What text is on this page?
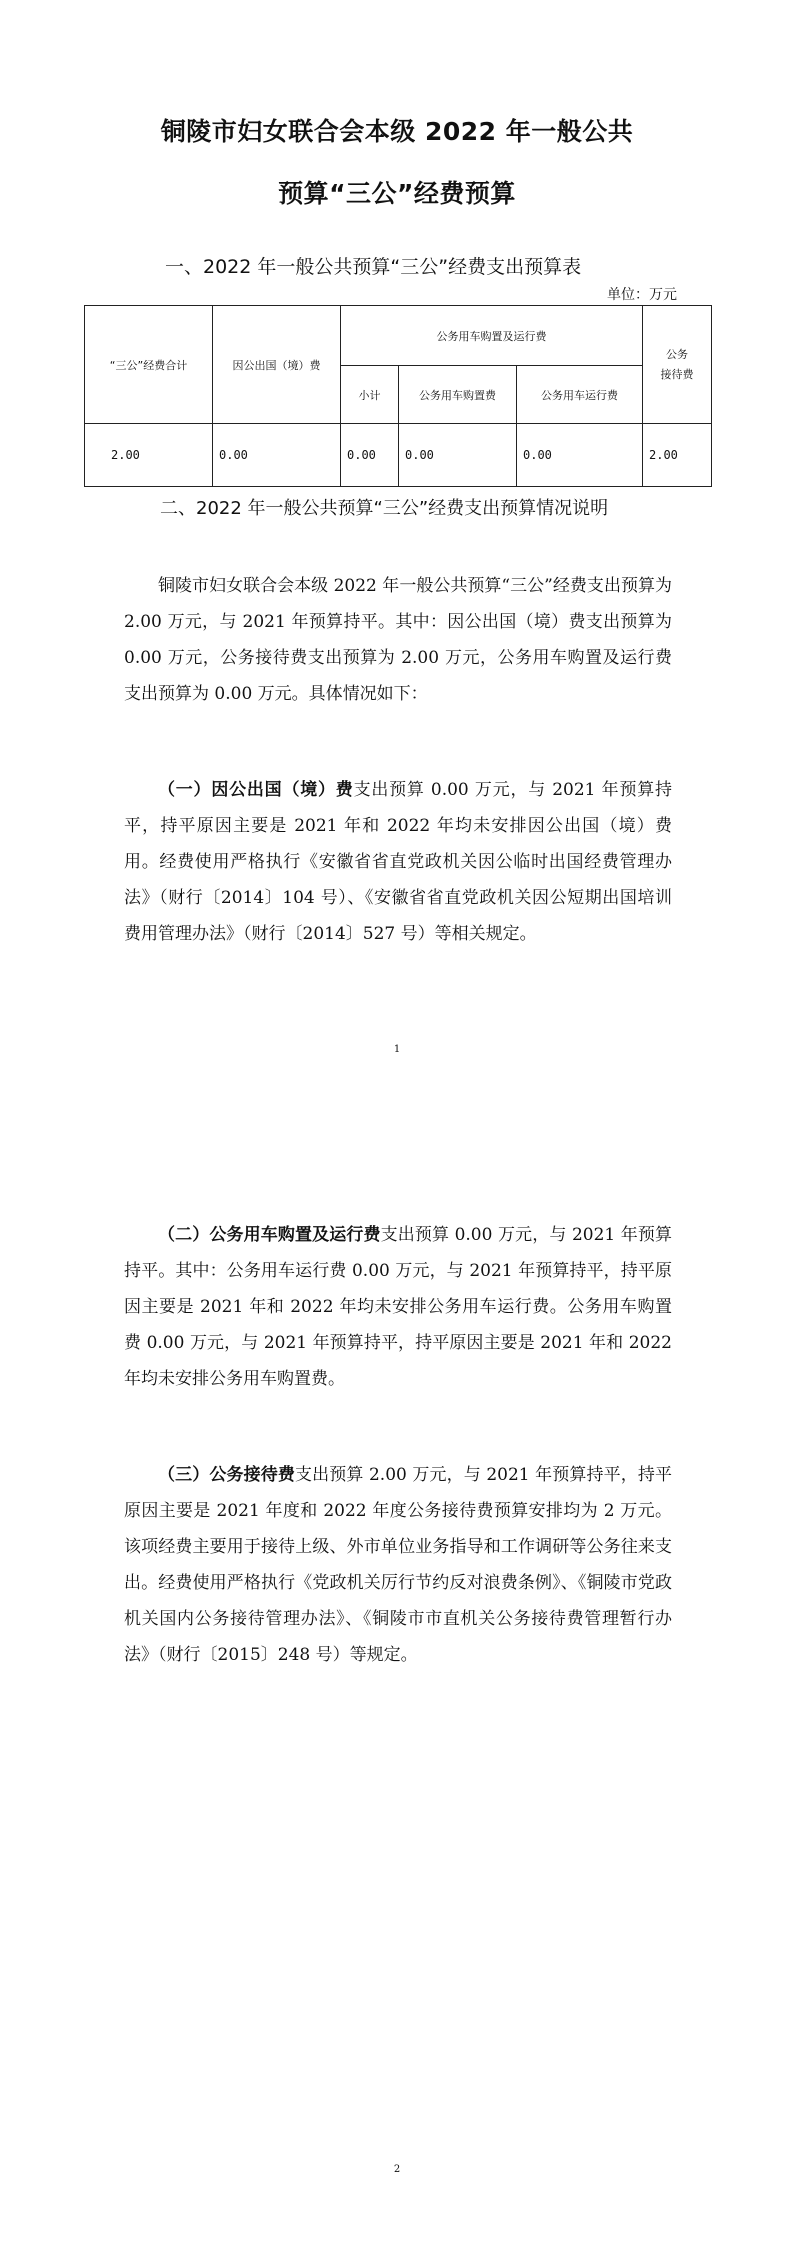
铜陵市妇女联合会本级 2022 年一般公共
预算“三公”经费预算
一、2022 年一般公共预算“三公”经费支出预算表
单位：万元
“三公”经费合计	因公出国（境）费	公务用车购置及运行费			公务
接待费
		小计	公务用车购置费	公务用车运行费	
2.00	0.00	0.00	0.00	0.00	2.00
二、2022 年一般公共预算“三公”经费支出预算情况说明
铜陵市妇女联合会本级 2022 年一般公共预算“三公”经费支出预算为 2.00 万元，与 2021 年预算持平。其中：因公出国（境）费支出预算为 0.00 万元，公务接待费支出预算为 2.00 万元，公务用车购置及运行费支出预算为 0.00 万元。具体情况如下：
（一）因公出国（境）费支出预算 0.00 万元，与 2021 年预算持平，持平原因主要是 2021 年和 2022 年均未安排因公出国（境）费用。经费使用严格执行《安徽省省直党政机关因公临时出国经费管理办法》（财行〔2014〕104 号）、《安徽省省直党政机关因公短期出国培训费用管理办法》（财行〔2014〕527 号）等相关规定。
1
（二）公务用车购置及运行费支出预算 0.00 万元，与 2021 年预算持平。其中：公务用车运行费 0.00 万元，与 2021 年预算持平，持平原因主要是 2021 年和 2022 年均未安排公务用车运行费。公务用车购置费 0.00 万元，与 2021 年预算持平，持平原因主要是 2021 年和 2022 年均未安排公务用车购置费。
（三）公务接待费支出预算 2.00 万元，与 2021 年预算持平，持平原因主要是 2021 年度和 2022 年度公务接待费预算安排均为 2 万元。该项经费主要用于接待上级、外市单位业务指导和工作调研等公务往来支出。经费使用严格执行《党政机关厉行节约反对浪费条例》、《铜陵市党政机关国内公务接待管理办法》、《铜陵市市直机关公务接待费管理暂行办法》（财行〔2015〕248 号）等规定。
2
